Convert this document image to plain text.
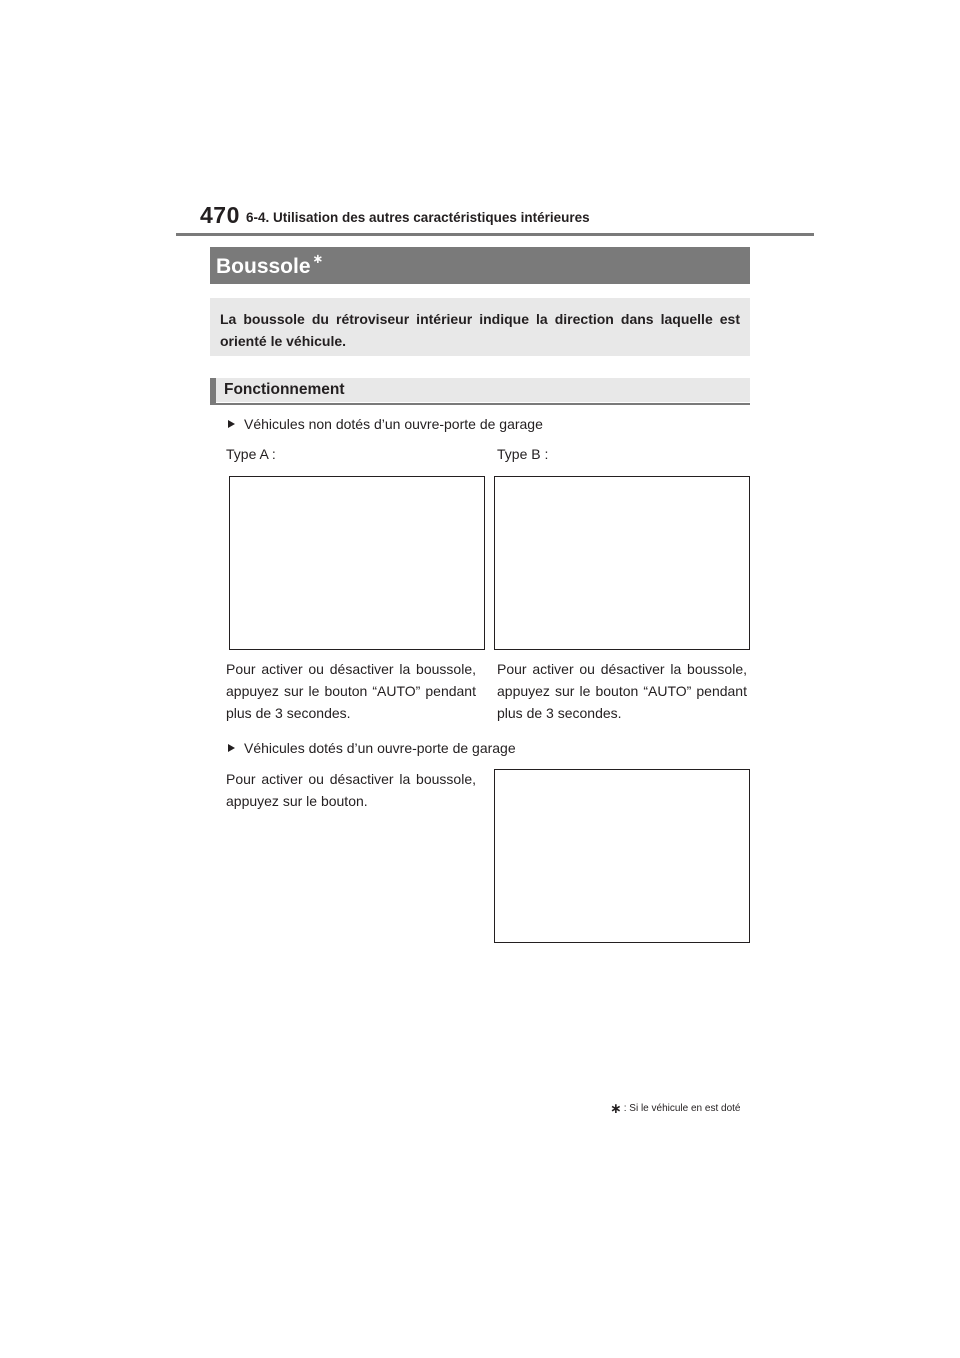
470 6-4. Utilisation des autres caractéristiques intérieures
Boussole ∗
La boussole du rétroviseur intérieur indique la direction dans laquelle est orienté le véhicule.
Fonctionnement
Véhicules non dotés d’un ouvre-porte de garage
Type A :	Type B :
Pour activer ou désactiver la boussole, appuyez sur le bouton “AUTO” pendant plus de 3 secondes.
Pour activer ou désactiver la boussole, appuyez sur le bouton “AUTO” pendant plus de 3 secondes.
Véhicules dotés d’un ouvre-porte de garage
Pour activer ou désactiver la boussole, appuyez sur le bouton.
∗ : Si le véhicule en est doté
